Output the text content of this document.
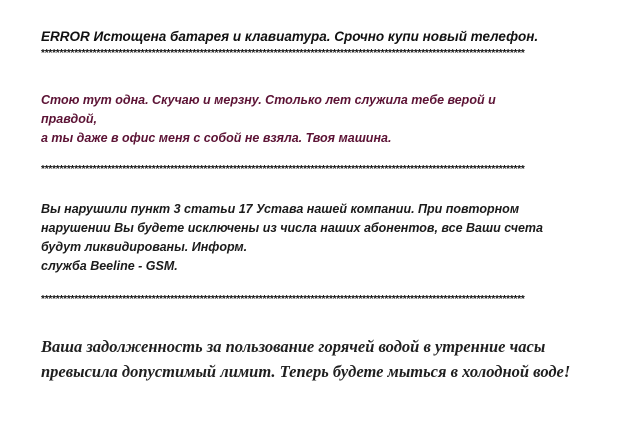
ERROR Истощена батарея и клавиатура. Срочно купи новый телефон.

***********************************************************************************************************************************
Стою тут одна. Скучаю и мерзну. Столько лет служила тебе верой и
правдой,
а ты даже в офис меня с собой не взяла. Твоя машина.
***********************************************************************************************************************************
Вы нарушили пункт 3 статьи 17 Устава нашей компании. При повторном
нарушении Вы будете исключены из числа наших абонентов, все Ваши счета
будут ликвидированы. Информ.
служба Beeline - GSM.
***********************************************************************************************************************************
Ваша задолженность за пользование горячей водой в утренние часы
превысила допустимый лимит. Теперь будете мыться в холодной воде!
